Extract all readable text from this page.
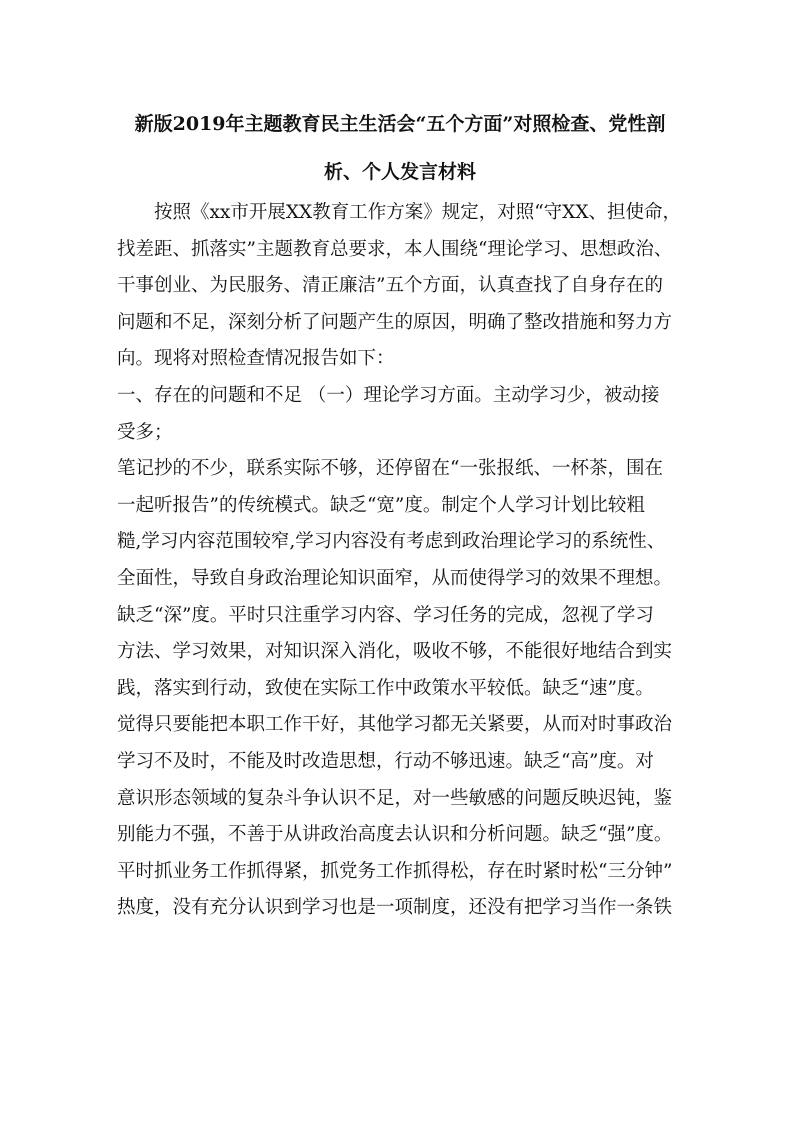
新版2019年主题教育民主生活会“五个方面”对照检查、党性剖
析、个人发言材料
按照《xx市开展XX教育工作方案》规定，对照“守XX、担使命，
找差距、抓落实”主题教育总要求，本人围绕“理论学习、思想政治、
干事创业、为民服务、清正廉洁”五个方面，认真查找了自身存在的
问题和不足，深刻分析了问题产生的原因，明确了整改措施和努力方
向。现将对照检查情况报告如下：
一、存在的问题和不足 （一）理论学习方面。主动学习少，被动接
受多；
笔记抄的不少，联系实际不够，还停留在“一张报纸、一杯茶，围在
一起听报告”的传统模式。缺乏“宽”度。制定个人学习计划比较粗
糙,学习内容范围较窄,学习内容没有考虑到政治理论学习的系统性、
全面性，导致自身政治理论知识面窄，从而使得学习的效果不理想。
缺乏“深”度。平时只注重学习内容、学习任务的完成，忽视了学习
方法、学习效果，对知识深入消化，吸收不够，不能很好地结合到实
践，落实到行动，致使在实际工作中政策水平较低。缺乏“速”度。
觉得只要能把本职工作干好，其他学习都无关紧要，从而对时事政治
学习不及时，不能及时改造思想，行动不够迅速。缺乏“高”度。对
意识形态领域的复杂斗争认识不足，对一些敏感的问题反映迟钝，鉴
别能力不强，不善于从讲政治高度去认识和分析问题。缺乏“强”度。
平时抓业务工作抓得紧，抓党务工作抓得松，存在时紧时松“三分钟”
热度，没有充分认识到学习也是一项制度，还没有把学习当作一条铁
